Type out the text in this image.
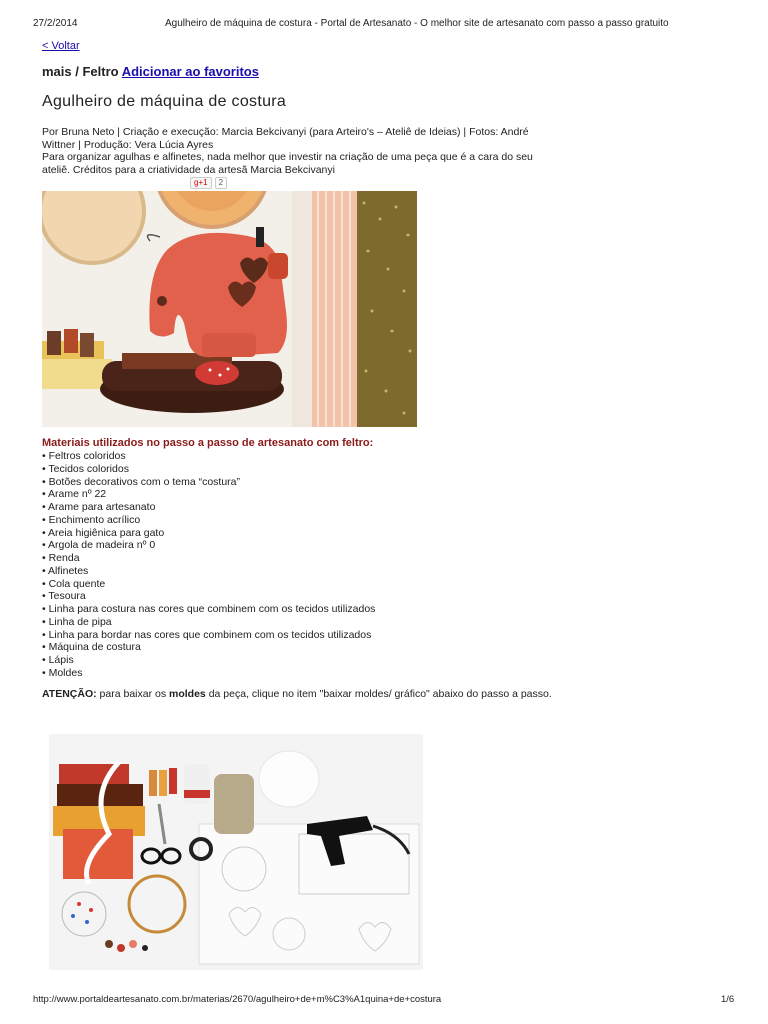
27/2/2014	Agulheiro de máquina de costura - Portal de Artesanato - O melhor site de artesanato com passo a passo gratuito
< Voltar
mais / Feltro Adicionar ao favoritos
Agulheiro de máquina de costura
Por Bruna Neto | Criação e execução: Marcia Bekcivanyi (para Arteiro's – Ateliê de Ideias) | Fotos: André Wittner | Produção: Vera Lúcia Ayres
Para organizar agulhas e alfinetes, nada melhor que investir na criação de uma peça que é a cara do seu ateliê. Créditos para a criatividade da artesã Marcia Bekcivanyi
g+1	2
Materiais utilizados no passo a passo de artesanato com feltro:
• Feltros coloridos
• Tecidos coloridos
• Botões decorativos com o tema “costura”
• Arame nº 22
• Arame para artesanato
• Enchimento acrílico
• Areia higiênica para gato
• Argola de madeira nº 0
• Renda
• Alfinetes
• Cola quente
• Tesoura
• Linha para costura nas cores que combinem com os tecidos utilizados
• Linha de pipa
• Linha para bordar nas cores que combinem com os tecidos utilizados
• Máquina de costura
• Lápis
• Moldes
ATENÇÃO: para baixar os moldes da peça, clique no item "baixar moldes/ gráfico" abaixo do passo a passo.
http://www.portaldeartesanato.com.br/materias/2670/agulheiro+de+m%C3%A1quina+de+costura	1/6
